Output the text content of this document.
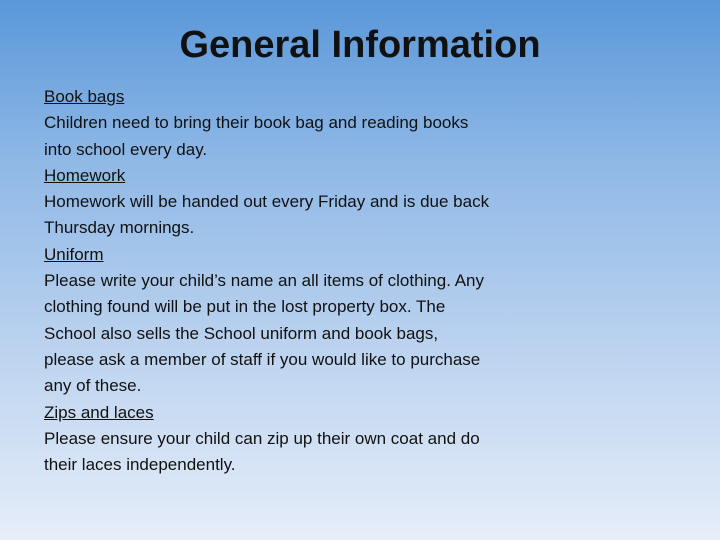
General Information
Book bags
Children need to bring their book bag and reading books
into school every day.
Homework
Homework will be handed out every Friday and is due back
Thursday mornings.
Uniform
Please write your child’s name an all items of clothing. Any
clothing found will be put in the lost property box. The
School also sells the School uniform and book bags,
please ask a member of staff if you would like to purchase
any of these.
Zips and laces
Please ensure your child can zip up their own coat and do
their laces independently.
